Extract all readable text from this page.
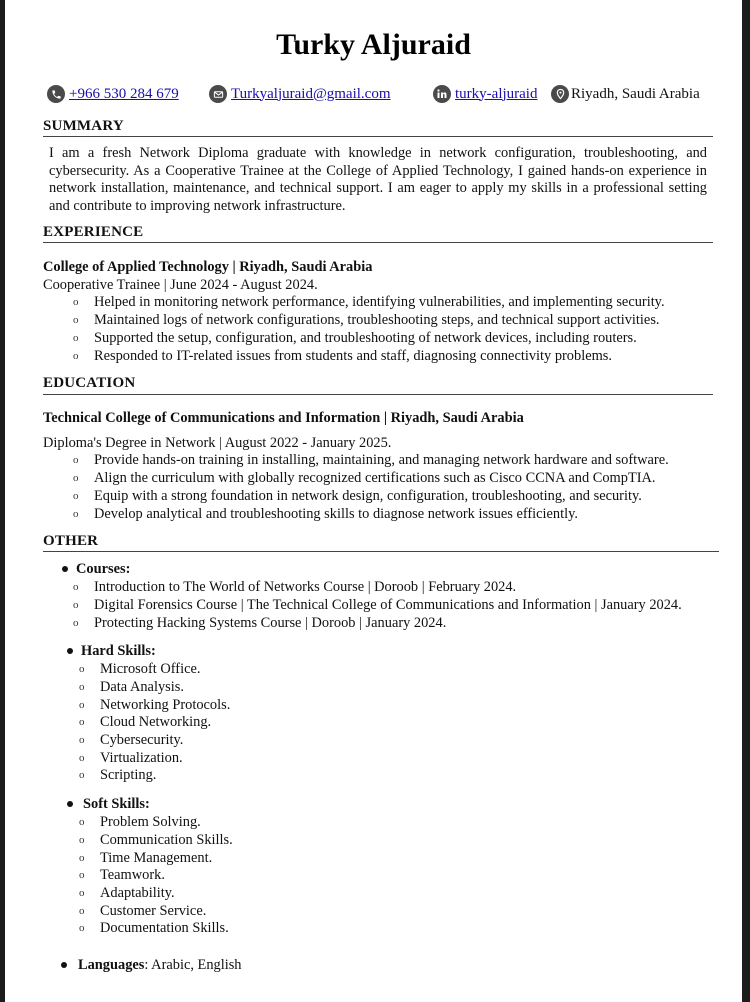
Turky Aljuraid
+966 530 284 679	Turkyaljuraid@gmail.com	turky-aljuraid Riyadh, Saudi Arabia
SUMMARY
I am a fresh Network Diploma graduate with knowledge in network configuration, troubleshooting, and cybersecurity. As a Cooperative Trainee at the College of Applied Technology, I gained hands-on experience in network installation, maintenance, and technical support. I am eager to apply my skills in a professional setting and contribute to improving network infrastructure.
EXPERIENCE
College of Applied Technology | Riyadh, Saudi Arabia
Cooperative Trainee | June 2024 - August 2024.
o Helped in monitoring network performance, identifying vulnerabilities, and implementing security.
o Maintained logs of network configurations, troubleshooting steps, and technical support activities.
o Supported the setup, configuration, and troubleshooting of network devices, including routers.
o Responded to IT-related issues from students and staff, diagnosing connectivity problems.
EDUCATION
Technical College of Communications and Information | Riyadh, Saudi Arabia
Diploma's Degree in Network | August 2022 - January 2025.
o Provide hands-on training in installing, maintaining, and managing network hardware and software.
o Align the curriculum with globally recognized certifications such as Cisco CCNA and CompTIA.
o Equip with a strong foundation in network design, configuration, troubleshooting, and security.
o Develop analytical and troubleshooting skills to diagnose network issues efficiently.
OTHER
Courses:
o Introduction to The World of Networks Course | Doroob | February 2024.
o Digital Forensics Course | The Technical College of Communications and Information | January 2024.
o Protecting Hacking Systems Course | Doroob | January 2024.
Hard Skills:
o Microsoft Office.
o Data Analysis.
o Networking Protocols.
o Cloud Networking.
o Cybersecurity.
o Virtualization.
o Scripting.
Soft Skills:
o Problem Solving.
o Communication Skills.
o Time Management.
o Teamwork.
o Adaptability.
o Customer Service.
o Documentation Skills.
Languages: Arabic, English
